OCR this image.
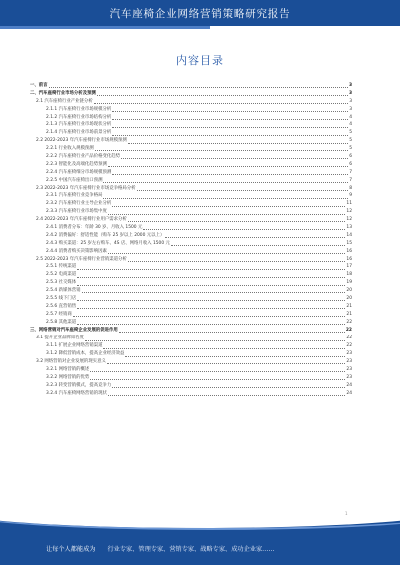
汽车座椅企业网络营销策略研究报告
内容目录
一、前言	3
二、汽车座椅行业市场分析及预测	3
2.1 汽车座椅行业产业链分析	3
2.1.1 汽车座椅行业市场规模分析	3
2.1.2 汽车座椅行业市场结构分析	4
2.1.3 汽车座椅行业市场现状分析	4
2.1.4 汽车座椅行业市场前景分析	5
2.2 2022-2023 年汽车座椅行业市场规模预测	5
2.2.1 行业收入规模预测	5
2.2.2 汽车座椅行业产品价格变化趋势	6
2.2.3 智能化及高端化趋势预测	6
2.2.4 汽车座椅细分市场规模预测	7
2.2.5 中国汽车座椅出口预测	7
2.3 2022-2023 年汽车座椅行业市场竞争格局分析	8
2.3.1 汽车座椅行业竞争格局	9
2.3.2 汽车座椅行业主导企业分析	11
2.3.3 汽车座椅行业市场集中度	12
2.4 2022-2023 年汽车座椅行业用户需求分析	12
2.4.1 消费者分布：年龄 30 岁、月收入 1500 元	13
2.4.2 消费偏好：舒适性能（购车 25 岁以上 2000 元以上）	14
2.4.3 购买渠道：25 岁左右购车、4S 店、网络月收入 1500 元	15
2.4.4 消费者购买决策影响因素	16
2.5 2022-2023 年汽车座椅行业营销渠道分析	16
2.5.1 传统渠道	17
2.5.2 电商渠道	18
2.5.3 社交媒体	19
2.5.4 新媒体营销	20
2.5.5 线下门店	20
2.5.6 直营销售	21
2.5.7 经销商	21
2.5.8 其他渠道	22
三、网络营销对汽车座椅企业发展的促进作用	22
3.1 提升企业品牌知名度	22
3.1.1 扩展企业网络营销渠道	22
3.1.2 降低营销成本，提高企业经济效益	23
3.2 网络营销对企业发展的现实意义	23
3.2.1 网络营销的概述	23
3.2.2 网络营销的优势	23
3.2.3 转变营销模式，提高竞争力	24
3.2.4 汽车座椅网络营销的现状	24
1
让每个人都能成为 行业专家、管理专家、营销专家、战略专家、成功企业家……
